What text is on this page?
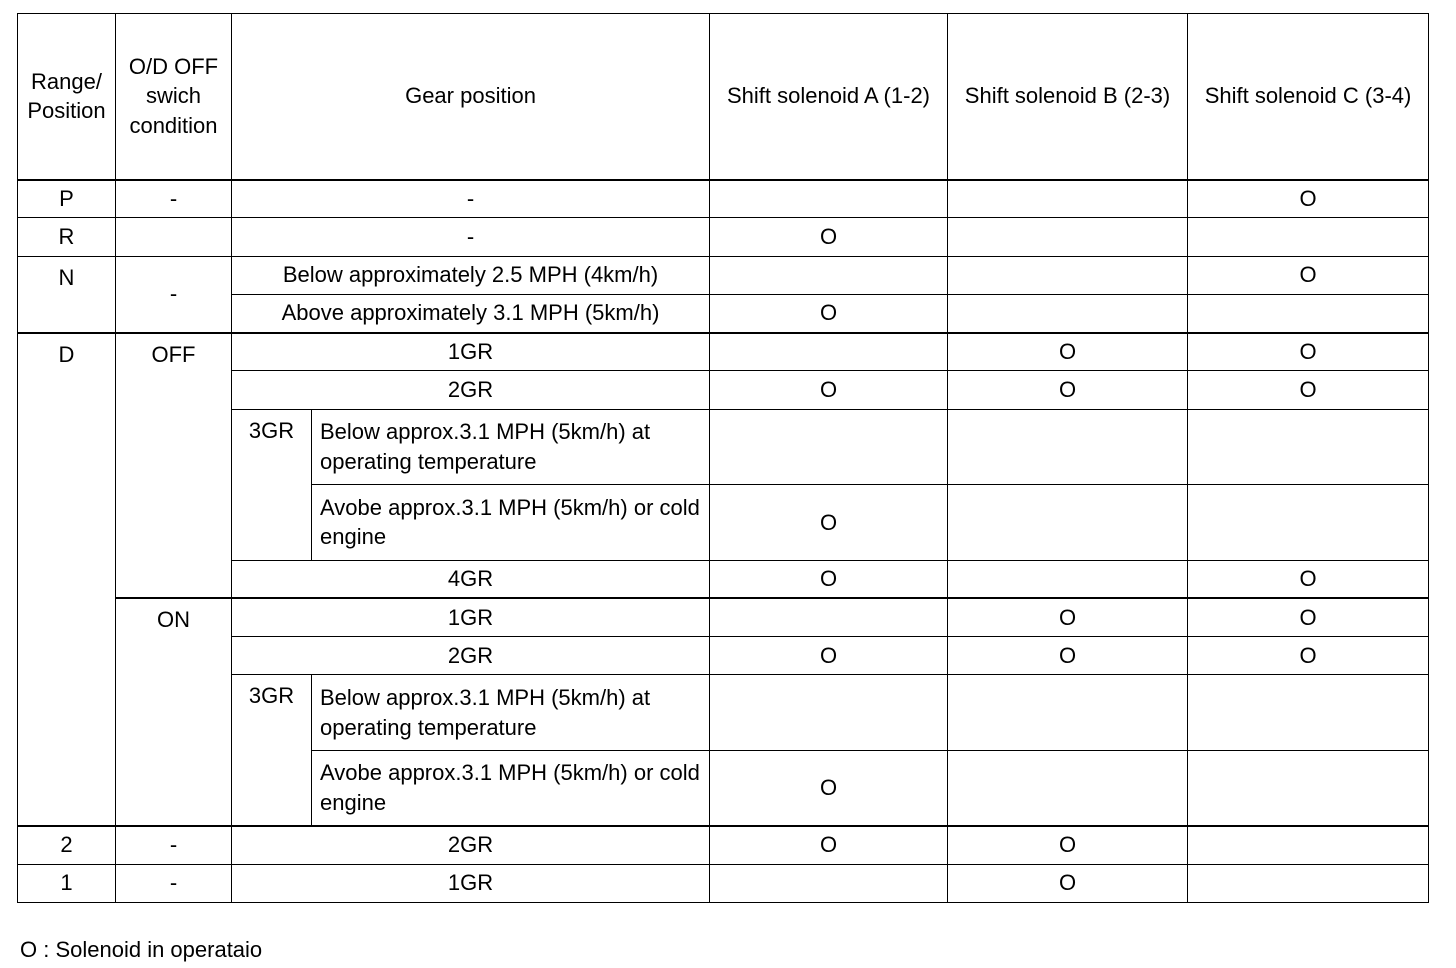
Range/ Position	O/D OFF swich condition	Gear position		Shift solenoid A (1-2)	Shift solenoid B (2-3)	Shift solenoid C (3-4)
P	-	-				O
R		-		O		
N	-	Below approximately 2.5 MPH (4km/h)				O
		Above approximately 3.1 MPH (5km/h)		O		
D	OFF	1GR			O	O
		2GR		O	O	O
		3GR	Below approx.3.1 MPH (5km/h) at operating temperature			
			Avobe approx.3.1 MPH (5km/h) or cold engine	O		
		4GR		O		O
	ON	1GR			O	O
		2GR		O	O	O
		3GR	Below approx.3.1 MPH (5km/h) at operating temperature			
			Avobe approx.3.1 MPH (5km/h) or cold engine	O		
2	-	2GR		O	O	
1	-	1GR			O	
O : Solenoid in operataio
